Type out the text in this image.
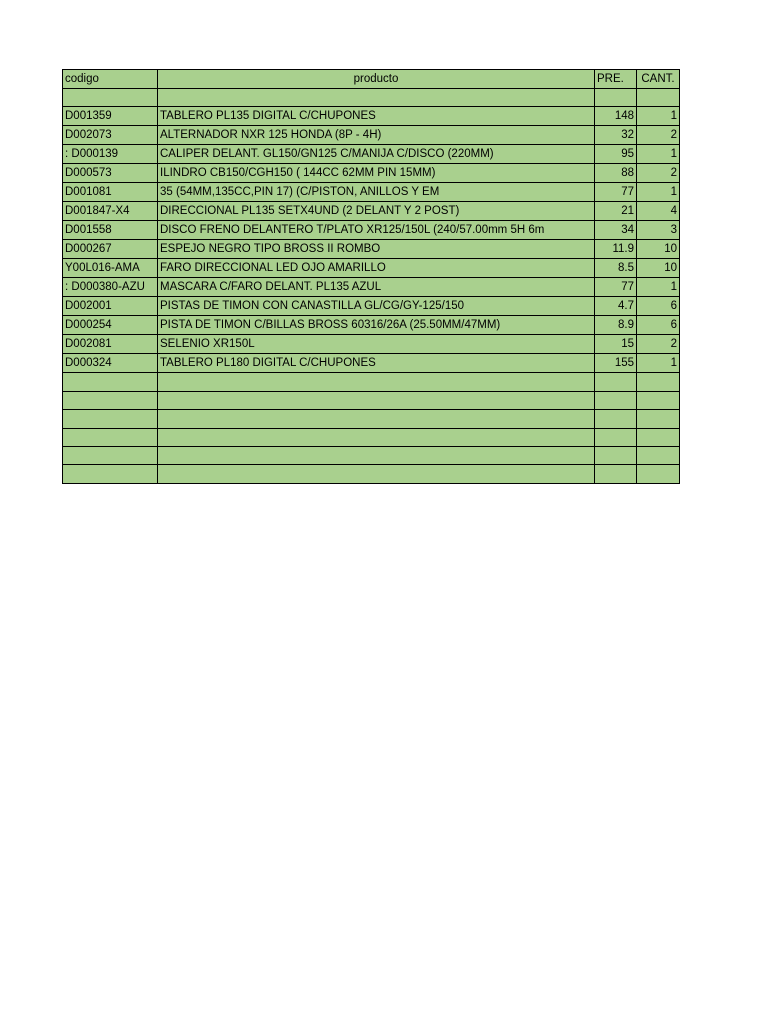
codigo	producto	PRE.	CANT.

D001359	TABLERO PL135 DIGITAL C/CHUPONES	148	1
D002073	ALTERNADOR NXR 125 HONDA (8P - 4H)	32	2
: D000139	CALIPER DELANT. GL150/GN125 C/MANIJA C/DISCO (220MM)	95	1
D000573	ILINDRO CB150/CGH150 ( 144CC 62MM PIN 15MM)	88	2
D001081	35 (54MM,135CC,PIN 17) (C/PISTON, ANILLOS Y EM	77	1
D001847-X4	DIRECCIONAL PL135 SETX4UND (2 DELANT Y 2 POST)	21	4
D001558	DISCO FRENO DELANTERO T/PLATO XR125/150L (240/57.00mm 5H 6m	34	3
D000267	ESPEJO NEGRO TIPO BROSS II ROMBO	11.9	10
Y00L016-AMA	FARO DIRECCIONAL LED OJO AMARILLO	8.5	10
: D000380-AZU	MASCARA C/FARO DELANT. PL135 AZUL	77	1
D002001	PISTAS DE TIMON CON CANASTILLA GL/CG/GY-125/150	4.7	6
D000254	PISTA DE TIMON C/BILLAS BROSS 60316/26A (25.50MM/47MM)	8.9	6
D002081	SELENIO XR150L	15	2
D000324	TABLERO PL180 DIGITAL C/CHUPONES	155	1
